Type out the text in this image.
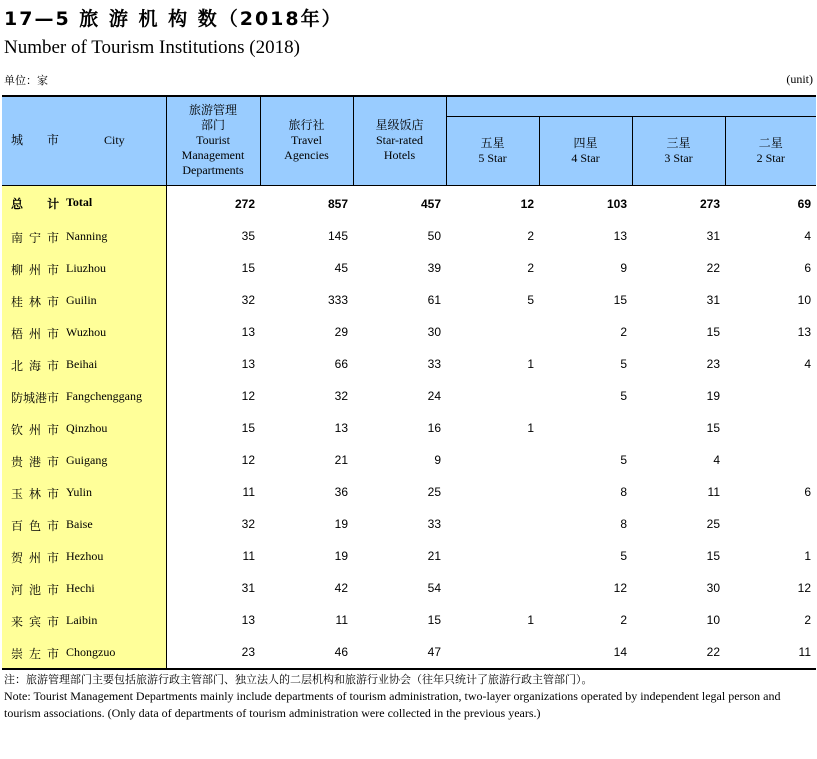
17—5 旅 游 机 构 数（2018年）
Number of Tourism Institutions (2018)
单位：家	(unit)
城 市 City	旅游管理
部门
Tourist
Management
Departments	旅行社
Travel
Agencies	星级饭店
Star-rated
Hotels				

				五星
5 Star	四星
4 Star	三星
3 Star	二星
2 Star

总 计
Total	272	857	457	12	103	273	69

南宁市 Nanning	35	145	50	2	13	31	4

柳州市 Liuzhou	15	45	39	2	9	22	6

桂林市 Guilin	32	333	61	5	15	31	10

梧州市 Wuzhou	13	29	30		2	15	13

北海市 Beihai	13	66	33	1	5	23	4

防城港市 Fangchenggang	12	32	24		5	19	

钦州市 Qinzhou	15	13	16	1		15	

贵港市 Guigang	12	21	9		5	4	

玉林市 Yulin	11	36	25		8	11	6

百色市 Baise	32	19	33		8	25	

贺州市 Hezhou	11	19	21		5	15	1

河池市 Hechi	31	42	54		12	30	12

来宾市 Laibin	13	11	15	1	2	10	2

崇左市 Chongzuo	23	46	47		14	22	11
注：旅游管理部门主要包括旅游行政主管部门、独立法人的二层机构和旅游行业协会（往年只统计了旅游行政主管部门）。
Note: Tourist Management Departments mainly include departments of tourism administration, two-layer organizations operated by independent legal person and tourism associations. (Only data of departments of tourism administration were collected in the previous years.)
